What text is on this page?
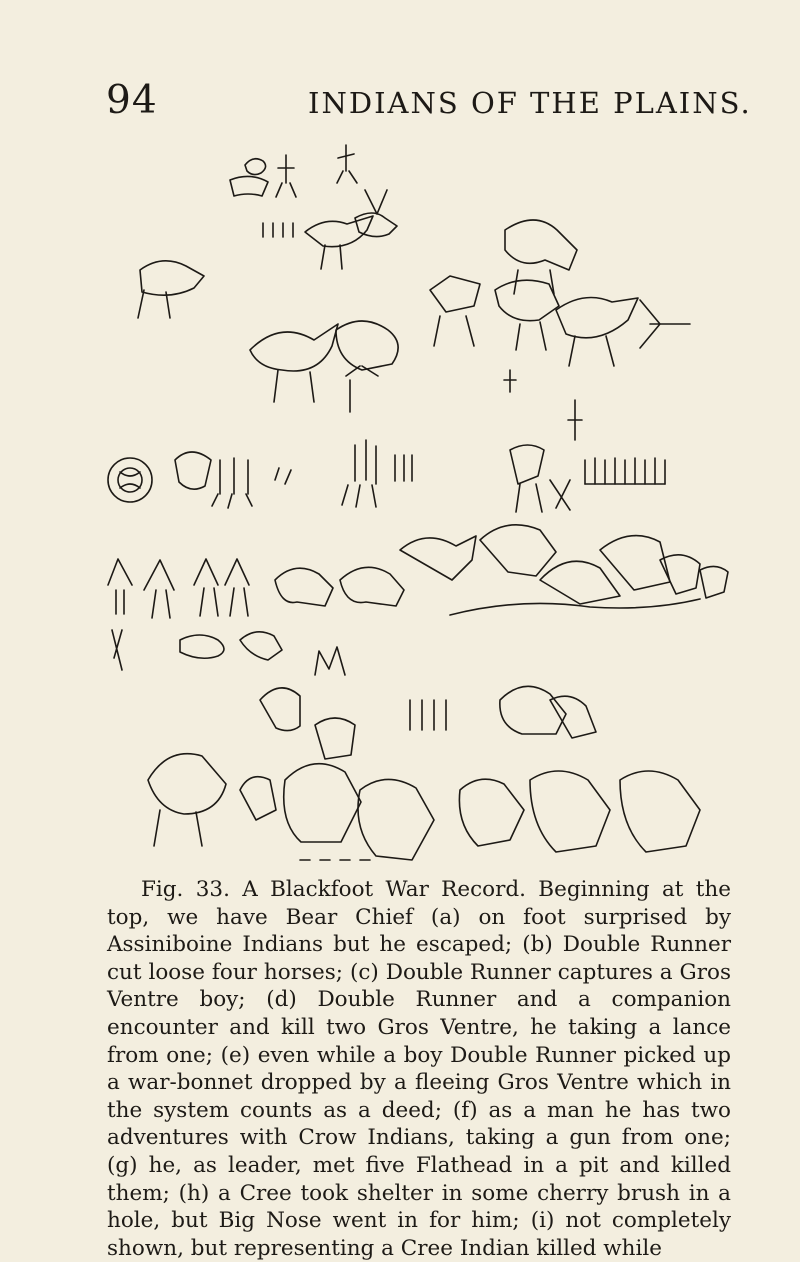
94	INDIANS OF THE PLAINS.

Fig. 33. A Blackfoot War Record. Beginning at the top, we have Bear Chief (a) on foot surprised by Assiniboine Indians but he escaped; (b) Double Runner cut loose four horses; (c) Double Runner captures a Gros Ventre boy; (d) Double Runner and a companion encounter and kill two Gros Ventre, he taking a lance from one; (e) even while a boy Double Runner picked up a war-bonnet dropped by a fleeing Gros Ventre which in the system counts as a deed; (f) as a man he has two adventures with Crow Indians, taking a gun from one; (g) he, as leader, met five Flathead in a pit and killed them; (h) a Cree took shelter in some cherry brush in a hole, but Big Nose went in for him; (i) not completely shown, but representing a Cree Indian killed while
